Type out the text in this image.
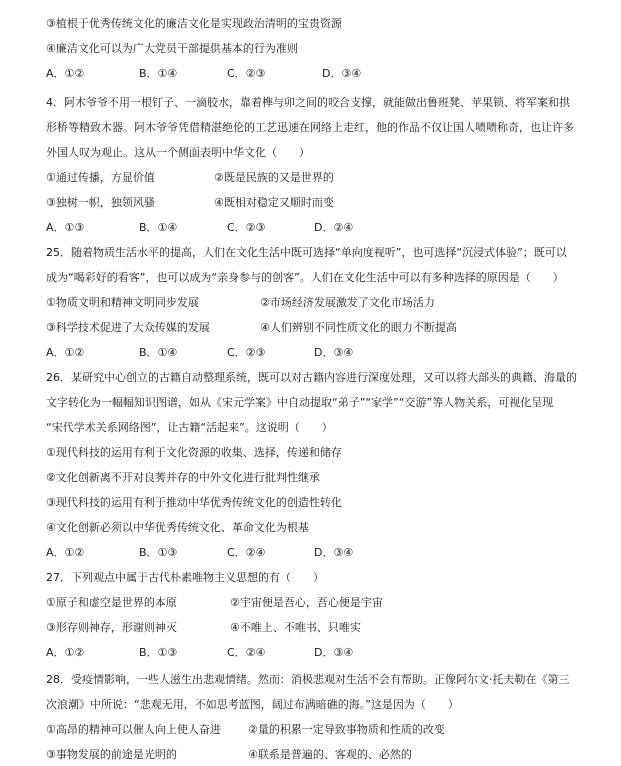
③植根于优秀传统文化的廉洁文化是实现政治清明的宝贵资源
④廉洁文化可以为广大党员干部提供基本的行为准则
A．①②	B．①④	C．②③	D．③④
4．阿木爷爷不用一根钉子、一滴胶水，靠着榫与卯之间的咬合支撑，就能做出鲁班凳、苹果锁、将军案和拱
形桥等精致木器。阿木爷爷凭借精湛绝伦的工艺迅速在网络上走红，他的作品不仅让国人啧啧称奇，也让许多
外国人叹为观止。这从一个侧面表明中华文化（　　）
①通过传播，方显价值	②既是民族的又是世界的
③独树一帜，独领风骚	④既相对稳定又顺时而变
A．①③	B．①④	C．②③	D．②④
25．随着物质生活水平的提高，人们在文化生活中既可选择“单向度视听”，也可选择“沉浸式体验”；既可以
成为“喝彩好的看客”，也可以成为“亲身参与的创客”。人们在文化生活中可以有多种选择的原因是（　　）
①物质文明和精神文明同步发展	②市场经济发展激发了文化市场活力
③科学技术促进了大众传媒的发展	④人们辨别不同性质文化的眼力不断提高
A．①②	B．①④	C．②③	D．③④
26．某研究中心创立的古籍自动整理系统，既可以对古籍内容进行深度处理，又可以将大部头的典籍、海量的
文字转化为一幅幅知识图谱，如从《宋元学案》中自动提取“弟子”“家学”“交游”等人物关系，可视化呈现
“宋代学术关系网络图”，让古籍“活起来”。这说明（　　）
①现代科技的运用有利于文化资源的收集、选择，传递和储存
②文化创新离不开对良莠并存的中外文化进行批判性继承
③现代科技的运用有利于推动中华优秀传统文化的创造性转化
④文化创新必须以中华优秀传统文化、革命文化为根基
A．①②	B．①③	C．②④	D．③④
27．下列观点中属于古代朴素唯物主义思想的有（　　）
①原子和虚空是世界的本原	②宇宙便是吾心，吾心便是宇宙
③形存则神存，形谢则神灭	④不唯上、不唯书、只唯实
A．①②	B．①③	C．②④	D．③④
28．受疫情影响，一些人滋生出悲观情绪。然而：消极悲观对生活不会有帮助。正像阿尔文·托夫勒在《第三
次浪潮》中所说：“悲观无用，不如思考蓝图，阔过布满暗礁的海。”这是因为（　　）
①高昂的精神可以催人向上使人奋进 ②量的积累一定导致事物质和性质的改变
③事物发展的前途是光明的	④联系是普遍的、客观的、必然的
